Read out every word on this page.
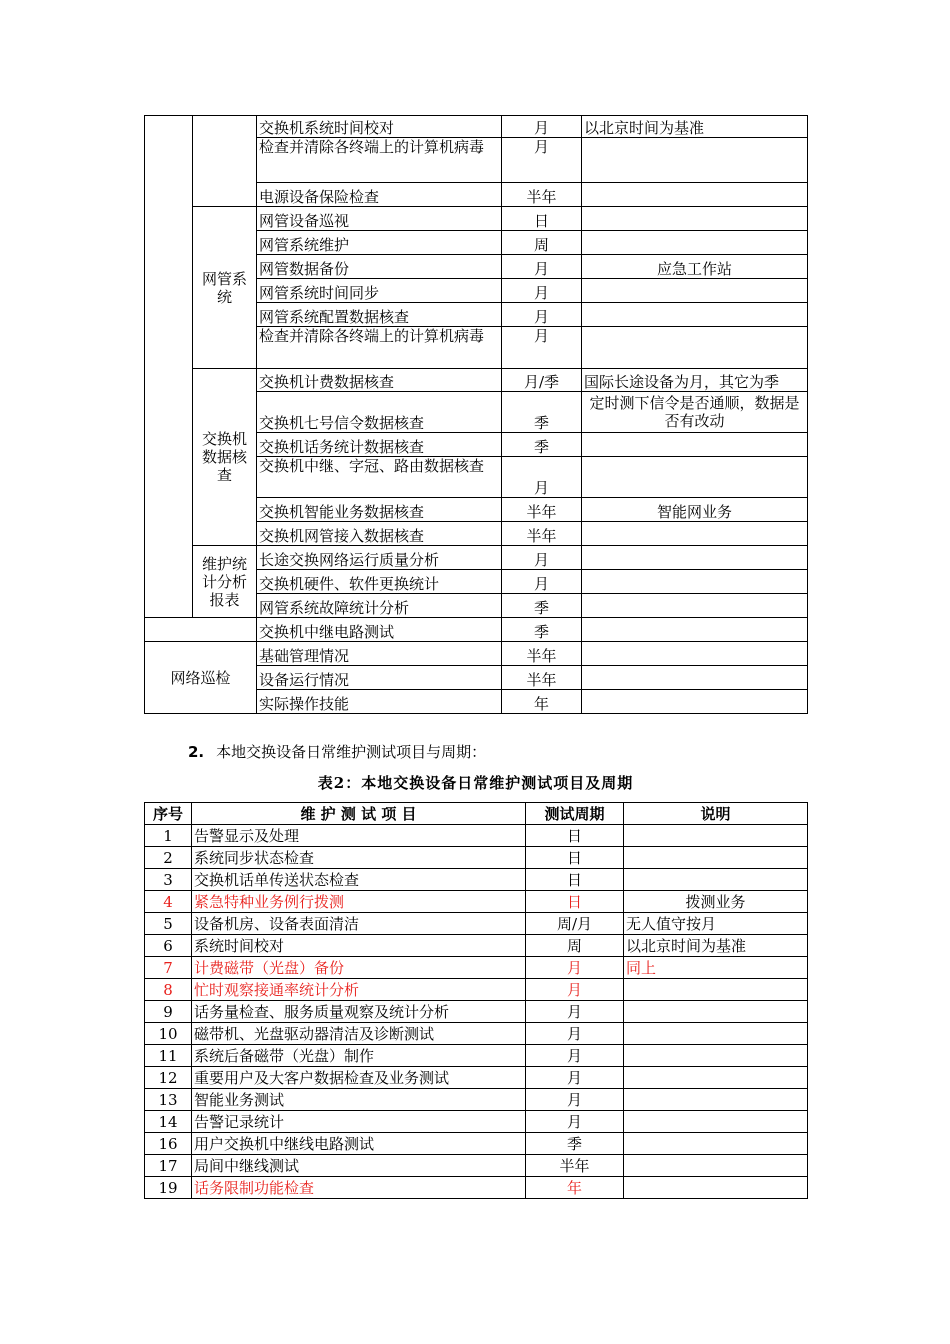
		交换机系统时间校对	月	以北京时间为基准
		检查并清除各终端上的计算机病毒	月	
		电源设备保险检查	半年	
	网管系统	网管设备巡视	日	
		网管系统维护	周	
		网管数据备份	月	应急工作站
		网管系统时间同步	月	
		网管系统配置数据核查	月	
		检查并清除各终端上的计算机病毒	月	
	交换机数据核查	交换机计费数据核查	月/季	国际长途设备为月，其它为季
		交换机七号信令数据核查	季	定时测下信令是否通顺，数据是否有改动
		交换机话务统计数据核查	季	
		交换机中继、字冠、路由数据核查	月	
		交换机智能业务数据核查	半年	智能网业务
		交换机网管接入数据核查	半年	
	维护统计分析报表	长途交换网络运行质量分析	月	
		交换机硬件、软件更换统计	月	
		网管系统故障统计分析	季	
		交换机中继电路测试	季	
网络巡检		基础管理情况	半年	
		设备运行情况	半年	
		实际操作技能	年	
2. 本地交换设备日常维护测试项目与周期：
表2：本地交换设备日常维护测试项目及周期
序号	维 护 测 试 项 目	测试周期	说明
1	告警显示及处理	日	
2	系统同步状态检查	日	
3	交换机话单传送状态检查	日	
4	紧急特种业务例行拨测	日	拨测业务
5	设备机房、设备表面清洁	周/月	无人值守按月
6	系统时间校对	周	以北京时间为基准
7	计费磁带（光盘）备份	月	同上
8	忙时观察接通率统计分析	月	
9	话务量检查、服务质量观察及统计分析	月	
10	磁带机、光盘驱动器清洁及诊断测试	月	
11	系统后备磁带（光盘）制作	月	
12	重要用户及大客户数据检查及业务测试	月	
13	智能业务测试	月	
14	告警记录统计	月	
16	用户交换机中继线电路测试	季	
17	局间中继线测试	半年	
19	话务限制功能检查	年	
